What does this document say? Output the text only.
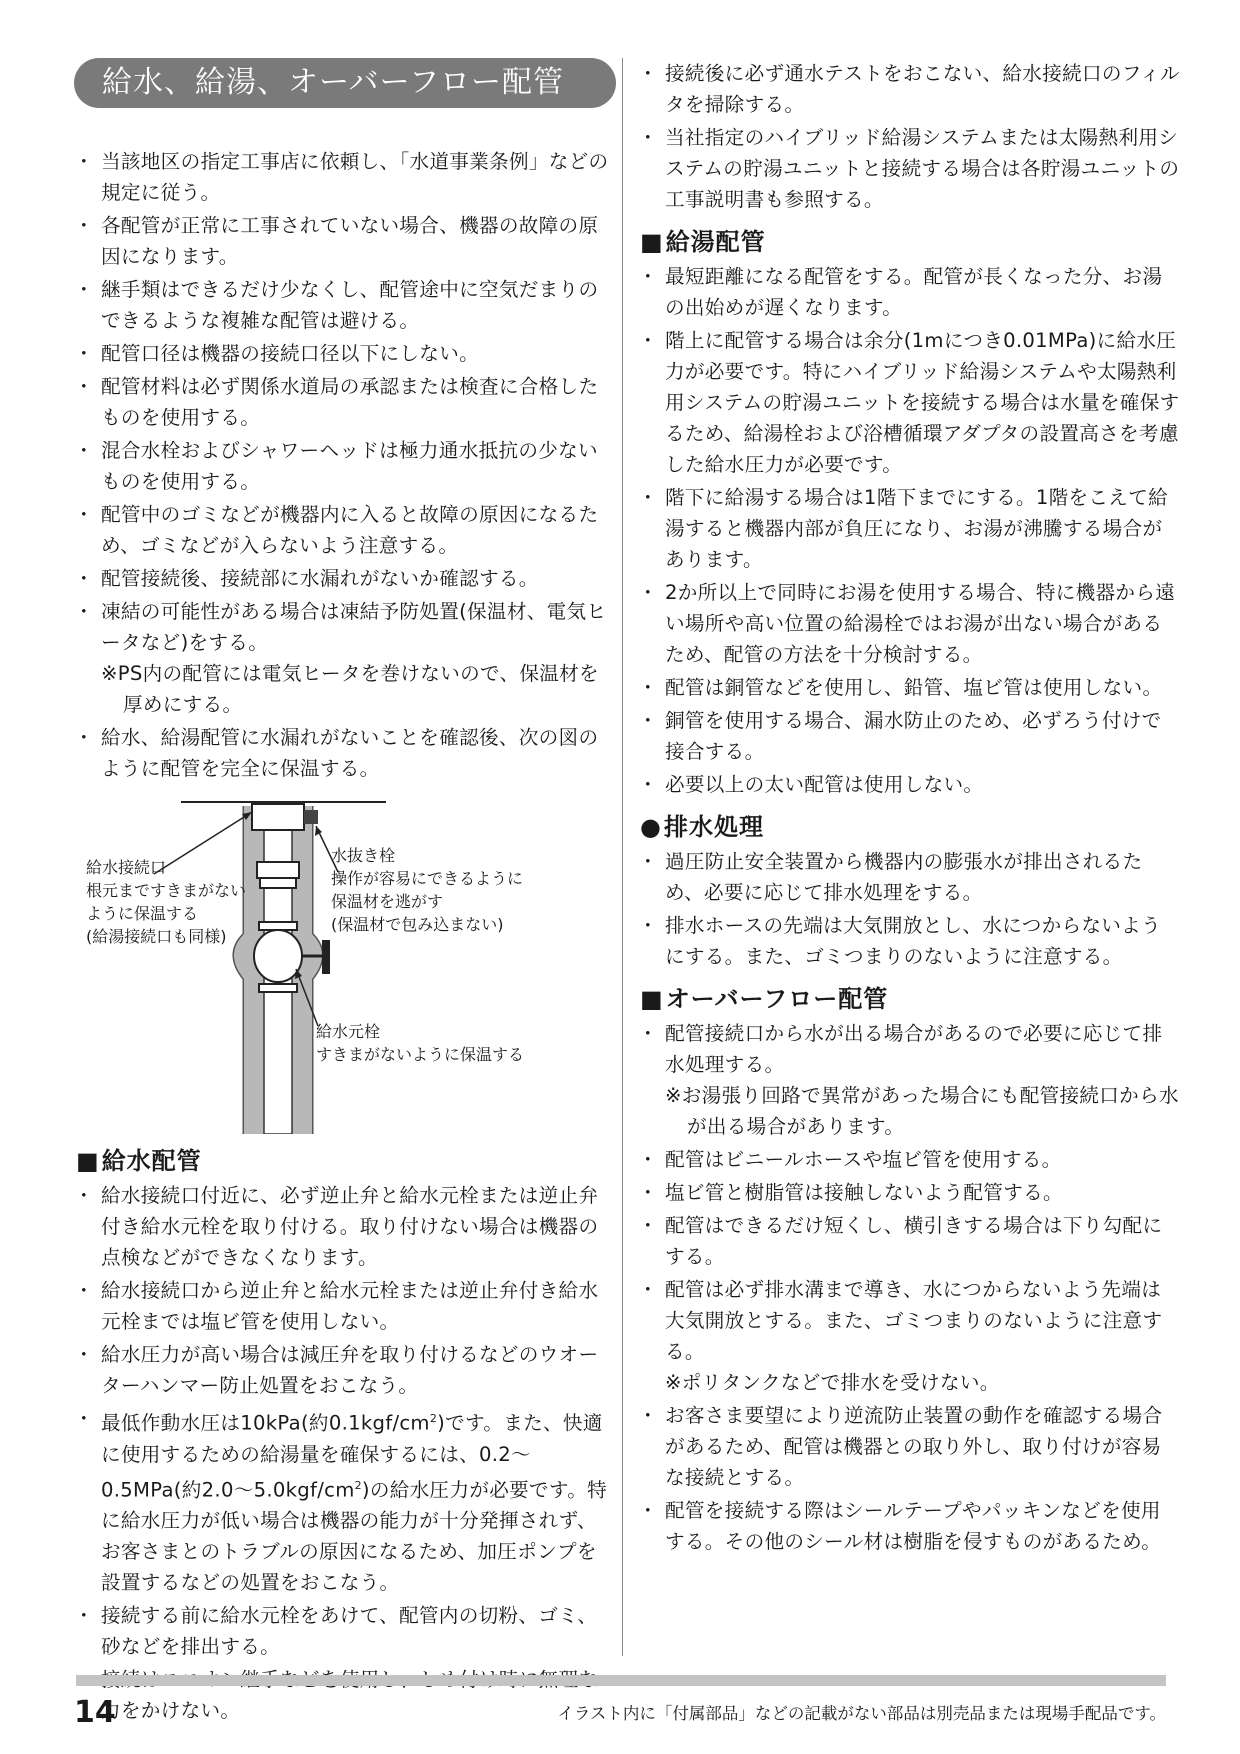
給水、給湯、オーバーフロー配管工事
・ 当該地区の指定工事店に依頼し、「水道事業条例」などの規定に従う。
・ 各配管が正常に工事されていない場合、機器の故障の原因になります。
・ 継手類はできるだけ少なくし、配管途中に空気だまりのできるような複雑な配管は避ける。
・ 配管口径は機器の接続口径以下にしない。
・ 配管材料は必ず関係水道局の承認または検査に合格したものを使用する。
・ 混合水栓およびシャワーヘッドは極力通水抵抗の少ないものを使用する。
・ 配管中のゴミなどが機器内に入ると故障の原因になるため、ゴミなどが入らないよう注意する。
・ 配管接続後、接続部に水漏れがないか確認する。
・ 凍結の可能性がある場合は凍結予防処置(保温材、電気ヒータなど)をする。
※PS内の配管には電気ヒータを巻けないので、保温材を厚めにする。
・ 給水、給湯配管に水漏れがないことを確認後、次の図のように配管を完全に保温する。
給水接続口
根元まですきまがない
ように保温する
(給湯接続口も同様)
水抜き栓
操作が容易にできるように
保温材を逃がす
(保温材で包み込まない)
給水元栓
すきまがないように保温する
■給水配管
・ 給水接続口付近に、必ず逆止弁と給水元栓または逆止弁付き給水元栓を取り付ける。取り付けない場合は機器の点検などができなくなります。
・ 給水接続口から逆止弁と給水元栓または逆止弁付き給水元栓までは塩ビ管を使用しない。
・ 給水圧力が高い場合は減圧弁を取り付けるなどのウオーターハンマー防止処置をおこなう。
・ 最低作動水圧は10kPa(約$0.1kgf/cm^2$)です。また、快適に使用するための給湯量を確保するには、0.2〜0.5MPa(約2.0〜$5.0kgf/cm^2$)の給水圧力が必要です。特に給水圧力が低い場合は機器の能力が十分発揮されず、お客さまとのトラブルの原因になるため、加圧ポンプを設置するなどの処置をおこなう。
・ 接続する前に給水元栓をあけて、配管内の切粉、ゴミ、砂などを排出する。
・ 力をかけない。
・ 接続後に必ず通水テストをおこない、給水接続口のフィルタを掃除する。
・ 当社指定のハイブリッド給湯システムまたは太陽熱利用システムの貯湯ユニットと接続する場合は各貯湯ユニットの工事説明書も参照する。
■給湯配管
・ 最短距離になる配管をする。配管が長くなった分、お湯の出始めが遅くなります。
・ 階上に配管する場合は余分(1mにつき0.01MPa)に給水圧力が必要です。特にハイブリッド給湯システムや太陽熱利用システムの貯湯ユニットを接続する場合は水量を確保するため、給湯栓および浴槽循環アダプタの設置高さを考慮した給水圧力が必要です。
・ 階下に給湯する場合は1階下までにする。1階をこえて給湯すると機器内部が負圧になり、お湯が沸騰する場合があります。
・ 2か所以上で同時にお湯を使用する場合、特に機器から遠い場所や高い位置の給湯栓ではお湯が出ない場合があるため、配管の方法を十分検討する。
・ 配管は銅管などを使用し、鉛管、塩ビ管は使用しない。
・ 銅管を使用する場合、漏水防止のため、必ずろう付けで接合する。
・ 必要以上の太い配管は使用しない。
●排水処理
・ 過圧防止安全装置から機器内の膨張水が排出されるため、必要に応じて排水処理をする。
・ 排水ホースの先端は大気開放とし、水につからないようにする。また、ゴミつまりのないように注意する。
■オーバーフロー配管
・ 配管接続口から水が出る場合があるので必要に応じて排水処理する。
※お湯張り回路で異常があった場合にも配管接続口から水が出る場合があります。
・ 配管はビニールホースや塩ビ管を使用する。
・ 塩ビ管と樹脂管は接触しないよう配管する。
・ 配管はできるだけ短くし、横引きする場合は下り勾配にする。
・ 配管は必ず排水溝まで導き、水につからないよう先端は大気開放とする。また、ゴミつまりのないように注意する。
※ポリタンクなどで排水を受けない。
・ お客さま要望により逆流防止装置の動作を確認する場合があるため、配管は機器との取り外し、取り付けが容易な接続とする。
・ 配管を接続する際はシールテープやパッキンなどを使用する。その他のシール材は樹脂を侵すものがあるため。
14	イラスト内に「付属部品」などの記載がない部品は別売品または現場手配品です。
